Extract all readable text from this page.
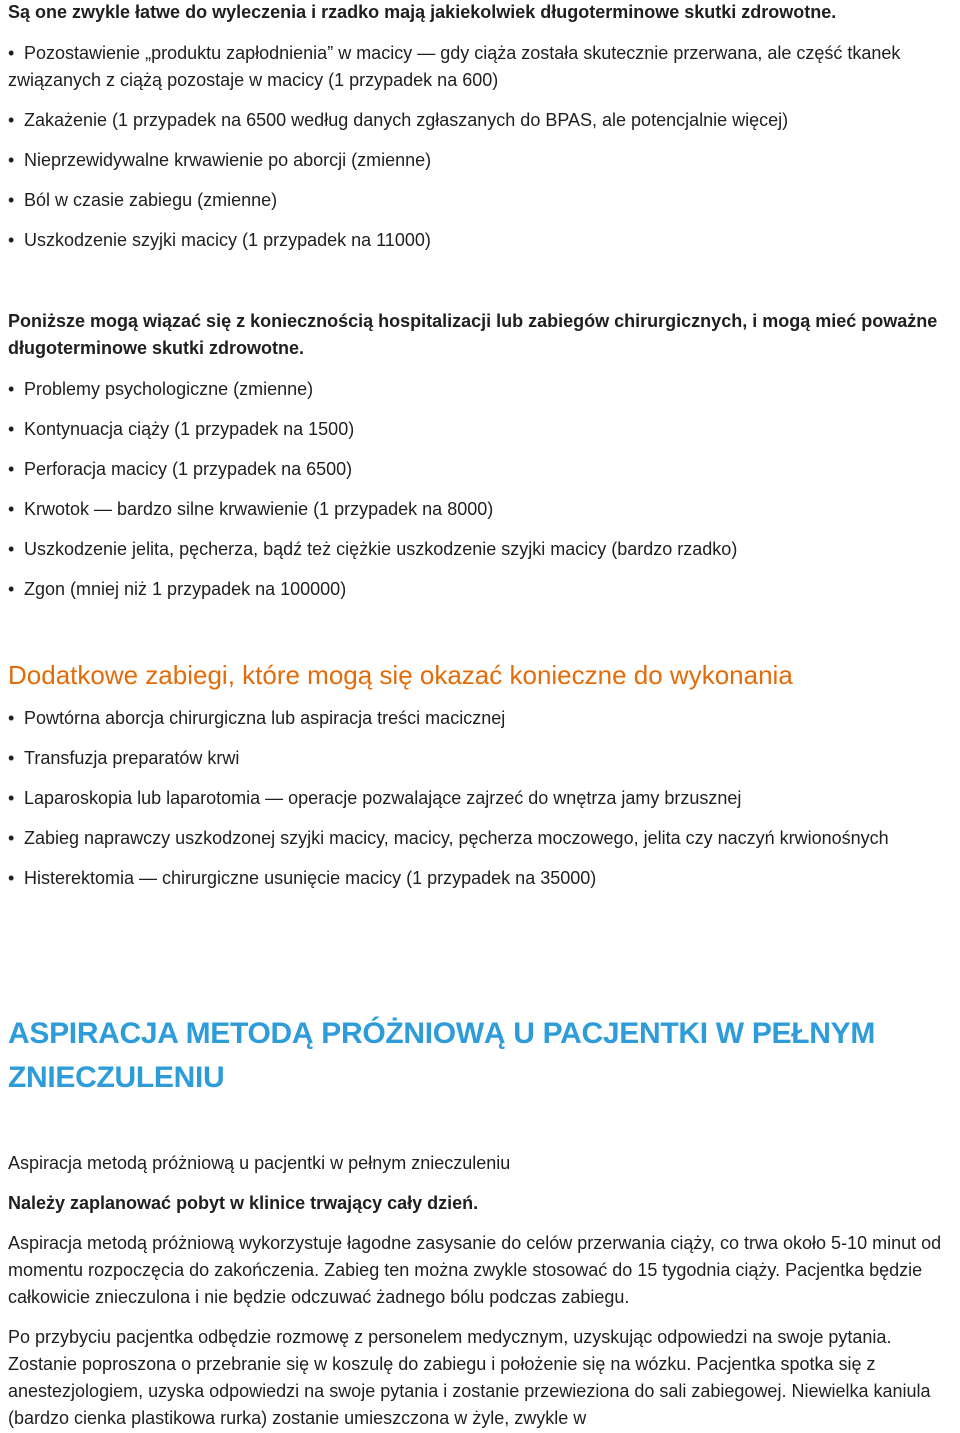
Są one zwykle łatwe do wyleczenia i rzadko mają jakiekolwiek długoterminowe skutki zdrowotne.

• Pozostawienie „produktu zapłodnienia” w macicy — gdy ciąża została skutecznie przerwana, ale część tkanek związanych z ciążą pozostaje w macicy (1 przypadek na 600)

• Zakażenie (1 przypadek na 6500 według danych zgłaszanych do BPAS, ale potencjalnie więcej)

• Nieprzewidywalne krwawienie po aborcji (zmienne)

• Ból w czasie zabiegu (zmienne)

• Uszkodzenie szyjki macicy (1 przypadek na 11000)

Poniższe mogą wiązać się z koniecznością hospitalizacji lub zabiegów chirurgicznych, i mogą mieć poważne długoterminowe skutki zdrowotne.

• Problemy psychologiczne (zmienne)

• Kontynuacja ciąży (1 przypadek na 1500)

• Perforacja macicy (1 przypadek na 6500)

• Krwotok — bardzo silne krwawienie (1 przypadek na 8000)

• Uszkodzenie jelita, pęcherza, bądź też ciężkie uszkodzenie szyjki macicy (bardzo rzadko)

• Zgon (mniej niż 1 przypadek na 100000)

Dodatkowe zabiegi, które mogą się okazać konieczne do wykonania

• Powtórna aborcja chirurgiczna lub aspiracja treści macicznej

• Transfuzja preparatów krwi

• Laparoskopia lub laparotomia — operacje pozwalające zajrzeć do wnętrza jamy brzusznej

• Zabieg naprawczy uszkodzonej szyjki macicy, macicy, pęcherza moczowego, jelita czy naczyń krwionośnych

• Histerektomia — chirurgiczne usunięcie macicy (1 przypadek na 35000)

ASPIRACJA METODĄ PRÓŻNIOWĄ U PACJENTKI W PEŁNYM ZNIECZULENIU

Aspiracja metodą próżniową u pacjentki w pełnym znieczuleniu

Należy zaplanować pobyt w klinice trwający cały dzień.

Aspiracja metodą próżniową wykorzystuje łagodne zasysanie do celów przerwania ciąży, co trwa około 5-10 minut od momentu rozpoczęcia do zakończenia. Zabieg ten można zwykle stosować do 15 tygodnia ciąży. Pacjentka będzie całkowicie znieczulona i nie będzie odczuwać żadnego bólu podczas zabiegu.

Po przybyciu pacjentka odbędzie rozmowę z personelem medycznym, uzyskując odpowiedzi na swoje pytania. Zostanie poproszona o przebranie się w koszulę do zabiegu i położenie się na wózku. Pacjentka spotka się z anestezjologiem, uzyska odpowiedzi na swoje pytania i zostanie przewieziona do sali zabiegowej. Niewielka kaniula (bardzo cienka plastikowa rurka) zostanie umieszczona w żyle, zwykle w
